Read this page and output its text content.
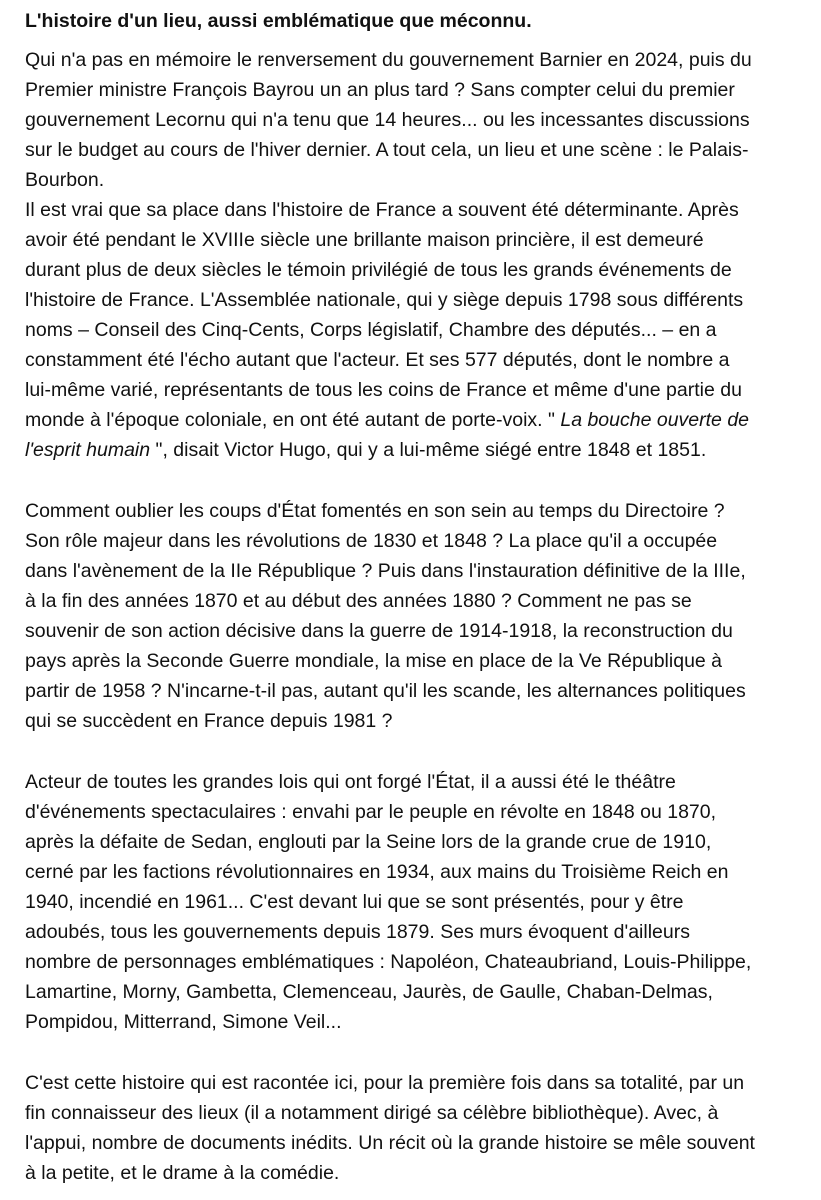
L'histoire d'un lieu, aussi emblématique que méconnu.
Qui n'a pas en mémoire le renversement du gouvernement Barnier en 2024, puis du
Premier ministre François Bayrou un an plus tard ? Sans compter celui du premier
gouvernement Lecornu qui n'a tenu que 14 heures... ou les incessantes discussions
sur le budget au cours de l'hiver dernier. A tout cela, un lieu et une scène : le Palais-
Bourbon.
Il est vrai que sa place dans l'histoire de France a souvent été déterminante. Après
avoir été pendant le XVIIIe siècle une brillante maison princière, il est demeuré
durant plus de deux siècles le témoin privilégié de tous les grands événements de
l'histoire de France. L'Assemblée nationale, qui y siège depuis 1798 sous différents
noms – Conseil des Cinq-Cents, Corps législatif, Chambre des députés... – en a
constamment été l'écho autant que l'acteur. Et ses 577 députés, dont le nombre a
lui-même varié, représentants de tous les coins de France et même d'une partie du
monde à l'époque coloniale, en ont été autant de porte-voix. " La bouche ouverte de
l'esprit humain ", disait Victor Hugo, qui y a lui-même siégé entre 1848 et 1851.
Comment oublier les coups d'État fomentés en son sein au temps du Directoire ?
Son rôle majeur dans les révolutions de 1830 et 1848 ? La place qu'il a occupée
dans l'avènement de la IIe République ? Puis dans l'instauration définitive de la IIIe,
à la fin des années 1870 et au début des années 1880 ? Comment ne pas se
souvenir de son action décisive dans la guerre de 1914-1918, la reconstruction du
pays après la Seconde Guerre mondiale, la mise en place de la Ve République à
partir de 1958 ? N'incarne-t-il pas, autant qu'il les scande, les alternances politiques
qui se succèdent en France depuis 1981 ?
Acteur de toutes les grandes lois qui ont forgé l'État, il a aussi été le théâtre
d'événements spectaculaires : envahi par le peuple en révolte en 1848 ou 1870,
après la défaite de Sedan, englouti par la Seine lors de la grande crue de 1910,
cerné par les factions révolutionnaires en 1934, aux mains du Troisième Reich en
1940, incendié en 1961... C'est devant lui que se sont présentés, pour y être
adoubés, tous les gouvernements depuis 1879. Ses murs évoquent d'ailleurs
nombre de personnages emblématiques : Napoléon, Chateaubriand, Louis-Philippe,
Lamartine, Morny, Gambetta, Clemenceau, Jaurès, de Gaulle, Chaban-Delmas,
Pompidou, Mitterrand, Simone Veil...
C'est cette histoire qui est racontée ici, pour la première fois dans sa totalité, par un
fin connaisseur des lieux (il a notamment dirigé sa célèbre bibliothèque). Avec, à
l'appui, nombre de documents inédits. Un récit où la grande histoire se mêle souvent
à la petite, et le drame à la comédie.
